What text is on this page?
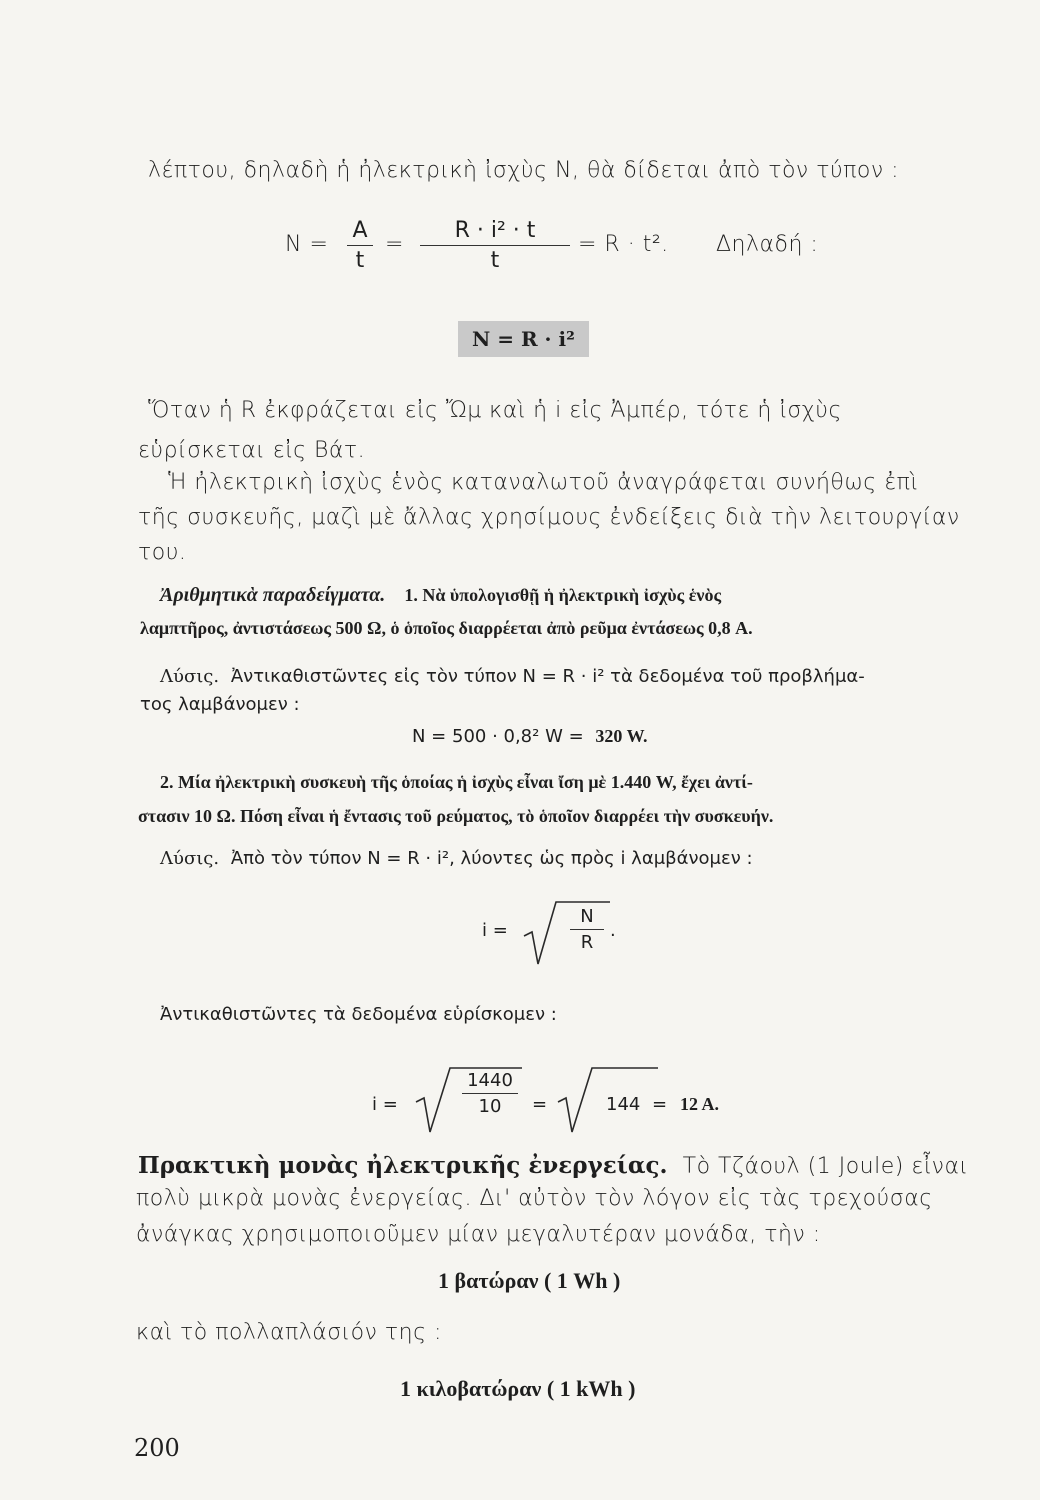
λέπτου, δηλαδὴ ἡ ἠλεκτρικὴ ἰσχὺς N, θὰ δίδεται ἀπὸ τὸν τύπον :
N =
A
t
=
R · i² · t
t
= R · t². Δηλαδή :
N = R · i²
Ὅταν ἡ R ἐκφράζεται εἰς Ὤμ καὶ ἡ i εἰς Ἀμπέρ, τότε ἡ ἰσχὺς
εὑρίσκεται εἰς Βάτ.
Ἡ ἠλεκτρικὴ ἰσχὺς ἑνὸς καταναλωτοῦ ἀναγράφεται συνήθως ἐπὶ
τῆς συσκευῆς, μαζὶ μὲ ἄλλας χρησίμους ἐνδείξεις διὰ τὴν λειτουργίαν
του.
Ἀριθμητικὰ παραδείγματα. 1. Νὰ ὑπολογισθῇ ἡ ἠλεκτρικὴ ἰσχὺς ἑνὸς
λαμπτῆρος, ἀντιστάσεως 500 Ω, ὁ ὁποῖος διαρρέεται ἀπὸ ρεῦμα ἐντάσεως 0,8 A.
Λύσις. Ἀντικαθιστῶντες εἰς τὸν τύπον N = R · i² τὰ δεδομένα τοῦ προβλήμα-
τος λαμβάνομεν :
N = 500 · 0,8² W = 320 W.
2. Μία ἠλεκτρικὴ συσκευὴ τῆς ὁποίας ἡ ἰσχὺς εἶναι ἴση μὲ 1.440 W, ἔχει ἀντί-
στασιν 10 Ω. Πόση εἶναι ἡ ἔντασις τοῦ ρεύματος, τὸ ὁποῖον διαρρέει τὴν συσκευήν.
Λύσις. Ἀπὸ τὸν τύπον N = R · i², λύοντες ὡς πρὸς i λαμβάνομεν :
i =
N
R
.
Ἀντικαθιστῶντες τὰ δεδομένα εὑρίσκομεν :
i =
1440
10	=	144 = 12 A.
Πρακτικὴ μονὰς ἠλεκτρικῆς ἐνεργείας. Τὸ Τζάουλ (1 Joule) εἶναι
πολὺ μικρὰ μονὰς ἐνεργείας. Δι' αὐτὸν τὸν λόγον εἰς τὰς τρεχούσας
ἀνάγκας χρησιμοποιοῦμεν μίαν μεγαλυτέραν μονάδα, τὴν :
1 βατώραν ( 1 Wh )
καὶ τὸ πολλαπλάσιόν της :
1 κιλοβατώραν ( 1 kWh )
200
